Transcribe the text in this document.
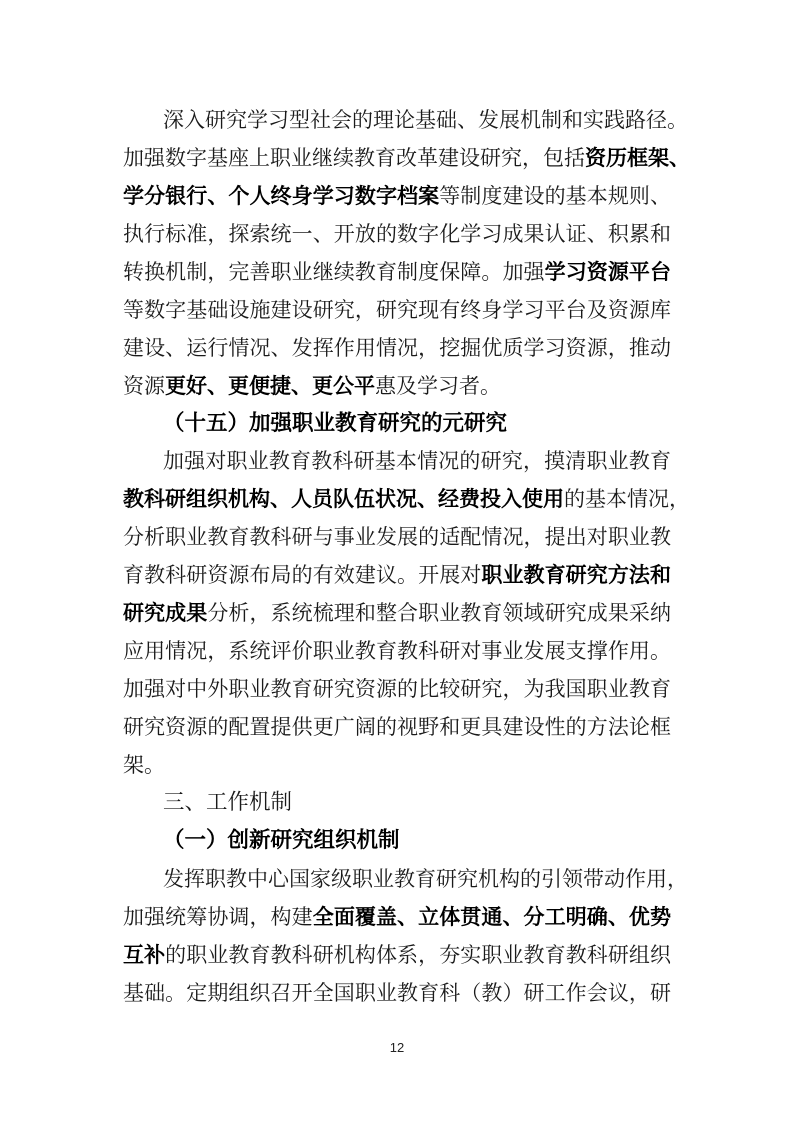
深入研究学习型社会的理论基础、发展机制和实践路径。
加强数字基座上职业继续教育改革建设研究，包括资历框架、
学分银行、个人终身学习数字档案等制度建设的基本规则、
执行标准，探索统一、开放的数字化学习成果认证、积累和
转换机制，完善职业继续教育制度保障。加强学习资源平台
等数字基础设施建设研究，研究现有终身学习平台及资源库
建设、运行情况、发挥作用情况，挖掘优质学习资源，推动
资源更好、更便捷、更公平惠及学习者。
（十五）加强职业教育研究的元研究
加强对职业教育教科研基本情况的研究，摸清职业教育
教科研组织机构、人员队伍状况、经费投入使用的基本情况，
分析职业教育教科研与事业发展的适配情况，提出对职业教
育教科研资源布局的有效建议。开展对职业教育研究方法和
研究成果分析，系统梳理和整合职业教育领域研究成果采纳
应用情况，系统评价职业教育教科研对事业发展支撑作用。
加强对中外职业教育研究资源的比较研究，为我国职业教育
研究资源的配置提供更广阔的视野和更具建设性的方法论框
架。
三、工作机制
（一）创新研究组织机制
发挥职教中心国家级职业教育研究机构的引领带动作用，
加强统筹协调，构建全面覆盖、立体贯通、分工明确、优势
互补的职业教育教科研机构体系，夯实职业教育教科研组织
基础。定期组织召开全国职业教育科（教）研工作会议，研
12
